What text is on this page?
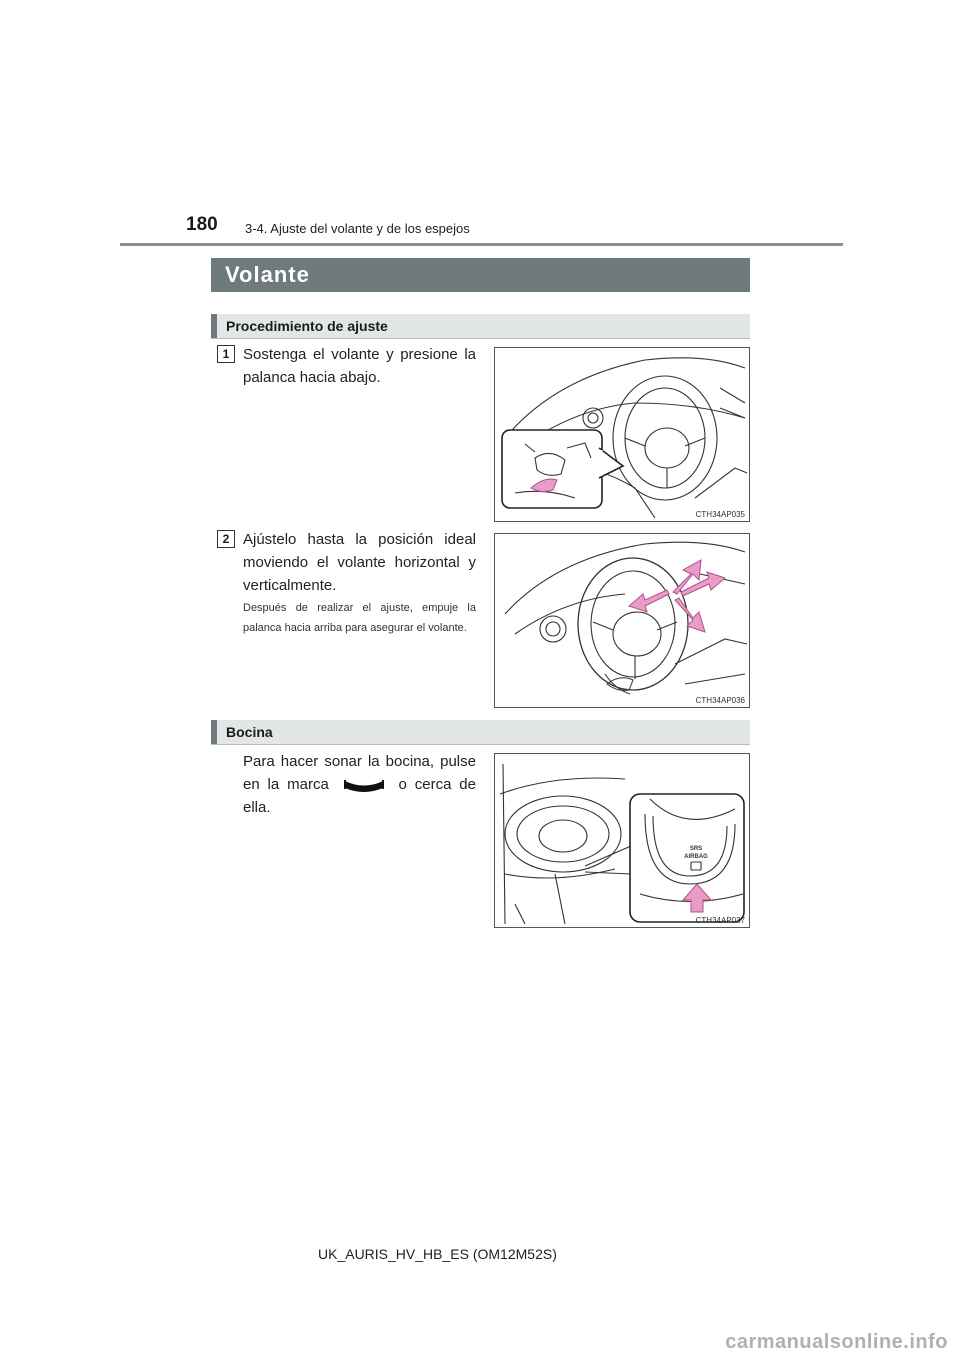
180 3-4. Ajuste del volante y de los espejos
Volante
Procedimiento de ajuste
1 Sostenga el volante y presione la palanca hacia abajo.
CTH34AP035
2 Ajústelo hasta la posición ideal moviendo el volante horizontal y verticalmente.
Después de realizar el ajuste, empuje la palanca hacia arriba para asegurar el volante.
CTH34AP036
Bocina
Para hacer sonar la bocina, pulse en la marca	o cerca de ella.
SRS
AIRBAG
CTH34AP037
UK_AURIS_HV_HB_ES (OM12M52S)
carmanualsonline.info
